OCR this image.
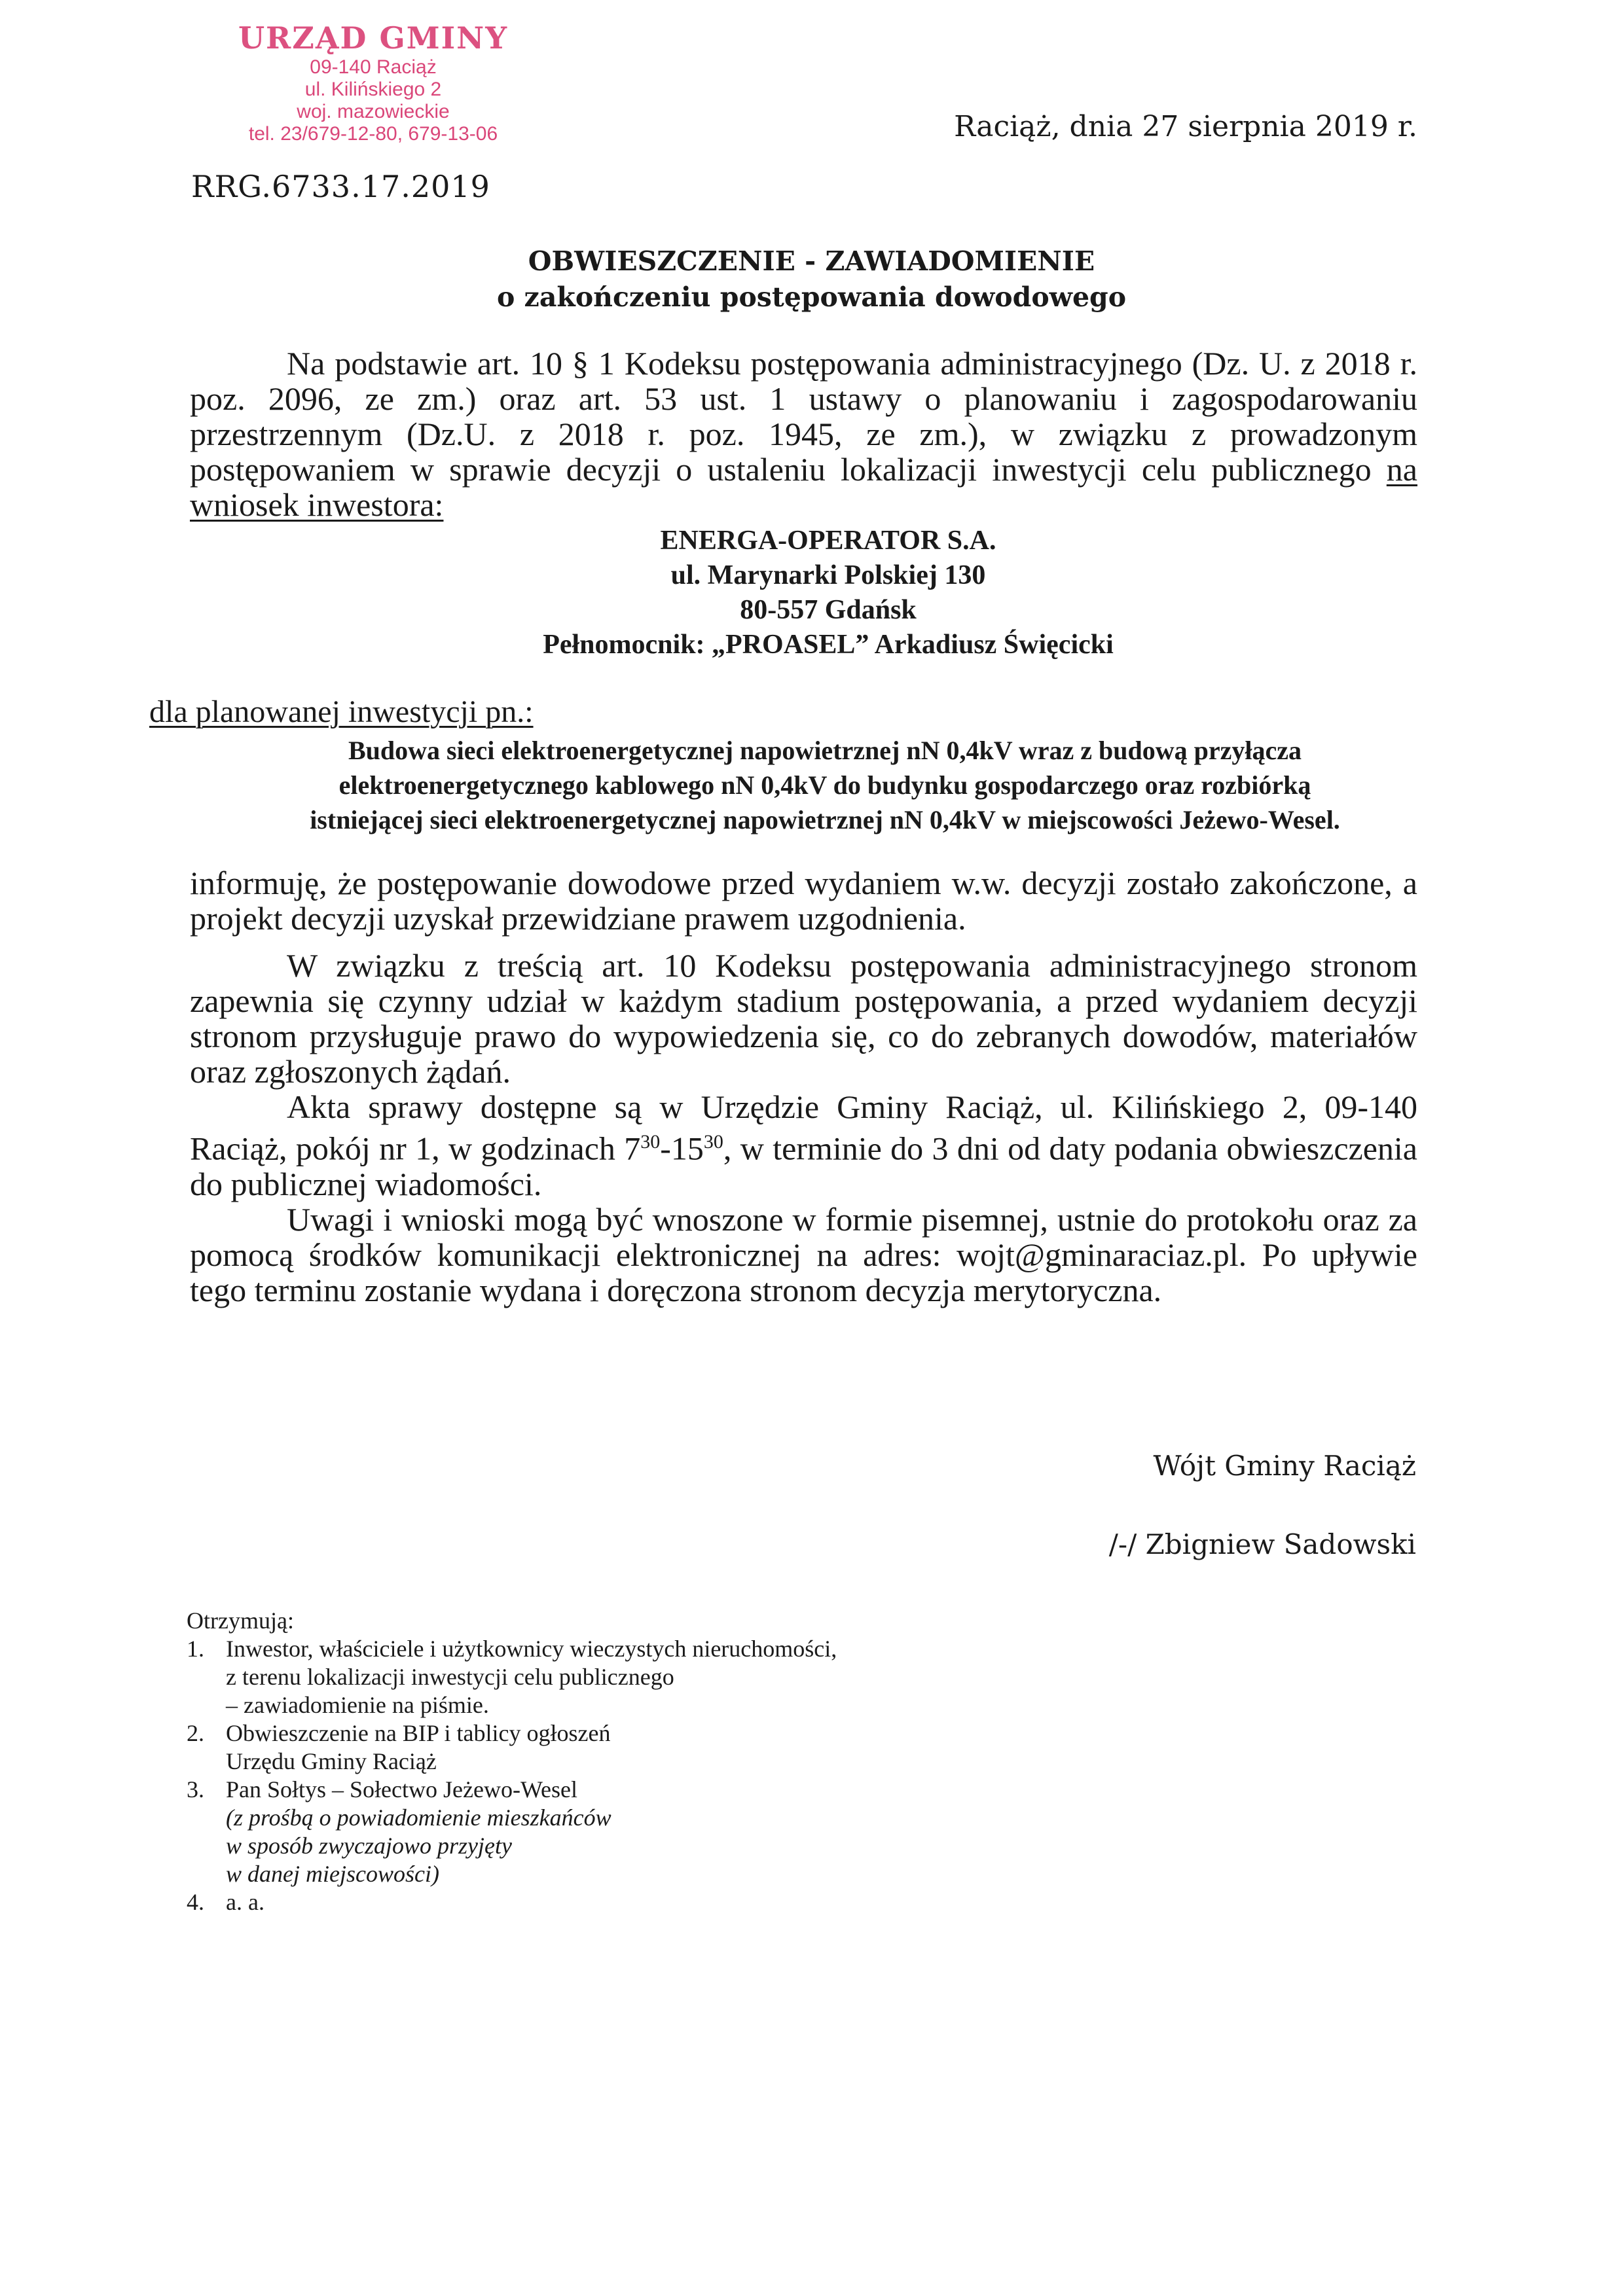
URZĄD GMINY
09-140 Raciąż
ul. Kilińskiego 2
woj. mazowieckie
tel. 23/679-12-80, 679-13-06
RRG.6733.17.2019
Raciąż, dnia 27 sierpnia 2019 r.
OBWIESZCZENIE - ZAWIADOMIENIE
o zakończeniu postępowania dowodowego

Na podstawie art. 10 § 1 Kodeksu postępowania administracyjnego (Dz. U. z 2018 r. poz. 2096, ze zm.) oraz art. 53 ust. 1 ustawy o planowaniu i zagospodarowaniu przestrzennym (Dz.U. z 2018 r. poz. 1945, ze zm.), w związku z prowadzonym postępowaniem w sprawie decyzji o ustaleniu lokalizacji inwestycji celu publicznego na wniosek inwestora:

ENERGA-OPERATOR S.A.
ul. Marynarki Polskiej 130
80-557 Gdańsk
Pełnomocnik: „PROASEL” Arkadiusz Święcicki
dla planowanej inwestycji pn.:
Budowa sieci elektroenergetycznej napowietrznej nN 0,4kV wraz z budową przyłącza
elektroenergetycznego kablowego nN 0,4kV do budynku gospodarczego oraz rozbiórką
istniejącej sieci elektroenergetycznej napowietrznej nN 0,4kV w miejscowości Jeżewo-Wesel.

informuję, że postępowanie dowodowe przed wydaniem w.w. decyzji zostało zakończone, a projekt decyzji uzyskał przewidziane prawem uzgodnienia.

W związku z treścią art. 10 Kodeksu postępowania administracyjnego stronom zapewnia się czynny udział w każdym stadium postępowania, a przed wydaniem decyzji stronom przysługuje prawo do wypowiedzenia się, co do zebranych dowodów, materiałów oraz zgłoszonych żądań.

Akta sprawy dostępne są w Urzędzie Gminy Raciąż, ul. Kilińskiego 2, 09-140 Raciąż, pokój nr 1, w godzinach $7^{30}-15^{30}$, w terminie do 3 dni od daty podania obwieszczenia do publicznej wiadomości.

Uwagi i wnioski mogą być wnoszone w formie pisemnej, ustnie do protokołu oraz za pomocą środków komunikacji elektronicznej na adres: wojt@gminaraciaz.pl. Po upływie tego terminu zostanie wydana i doręczona stronom decyzja merytoryczna.

Wójt Gminy Raciąż
/-/ Zbigniew Sadowski
Otrzymują:
1. Inwestor, właściciele i użytkownicy wieczystych nieruchomości,
z terenu lokalizacji inwestycji celu publicznego
– zawiadomienie na piśmie.
2. Obwieszczenie na BIP i tablicy ogłoszeń
Urzędu Gminy Raciąż
3. Pan Sołtys – Sołectwo Jeżewo-Wesel
(z prośbą o powiadomienie mieszkańców
w sposób zwyczajowo przyjęty
w danej miejscowości)
4. a. a.
